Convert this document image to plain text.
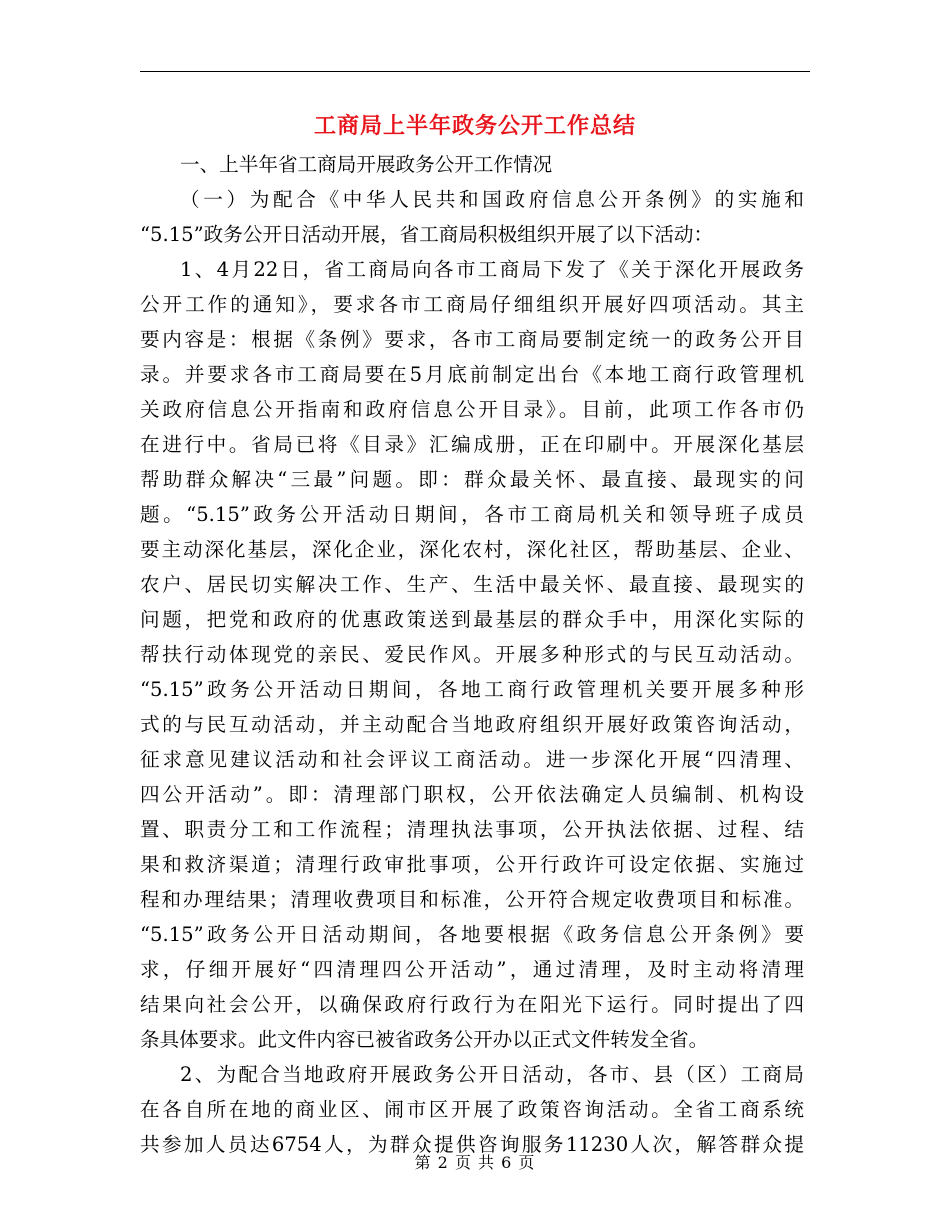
工商局上半年政务公开工作总结
一、上半年省工商局开展政务公开工作情况
（一）为配合《中华人民共和国政府信息公开条例》的实施和
“5.15”政务公开日活动开展，省工商局积极组织开展了以下活动：
1、4月22日，省工商局向各市工商局下发了《关于深化开展政务
公开工作的通知》，要求各市工商局仔细组织开展好四项活动。其主
要内容是：根据《条例》要求，各市工商局要制定统一的政务公开目
录。并要求各市工商局要在5月底前制定出台《本地工商行政管理机
关政府信息公开指南和政府信息公开目录》。目前，此项工作各市仍
在进行中。省局已将《目录》汇编成册，正在印刷中。开展深化基层
帮助群众解决“三最”问题。即：群众最关怀、最直接、最现实的问
题。“5.15”政务公开活动日期间，各市工商局机关和领导班子成员
要主动深化基层，深化企业，深化农村，深化社区，帮助基层、企业、
农户、居民切实解决工作、生产、生活中最关怀、最直接、最现实的
问题，把党和政府的优惠政策送到最基层的群众手中，用深化实际的
帮扶行动体现党的亲民、爱民作风。开展多种形式的与民互动活动。
“5.15”政务公开活动日期间，各地工商行政管理机关要开展多种形
式的与民互动活动，并主动配合当地政府组织开展好政策咨询活动，
征求意见建议活动和社会评议工商活动。进一步深化开展“四清理、
四公开活动”。即：清理部门职权，公开依法确定人员编制、机构设
置、职责分工和工作流程；清理执法事项，公开执法依据、过程、结
果和救济渠道；清理行政审批事项，公开行政许可设定依据、实施过
程和办理结果；清理收费项目和标准，公开符合规定收费项目和标准。
“5.15”政务公开日活动期间，各地要根据《政务信息公开条例》要
求，仔细开展好“四清理四公开活动”，通过清理，及时主动将清理
结果向社会公开，以确保政府行政行为在阳光下运行。同时提出了四
条具体要求。此文件内容已被省政务公开办以正式文件转发全省。
2、为配合当地政府开展政务公开日活动，各市、县（区）工商局
在各自所在地的商业区、闹市区开展了政策咨询活动。全省工商系统
共参加人员达6754人，为群众提供咨询服务11230人次，解答群众提
第 2 页 共 6 页
